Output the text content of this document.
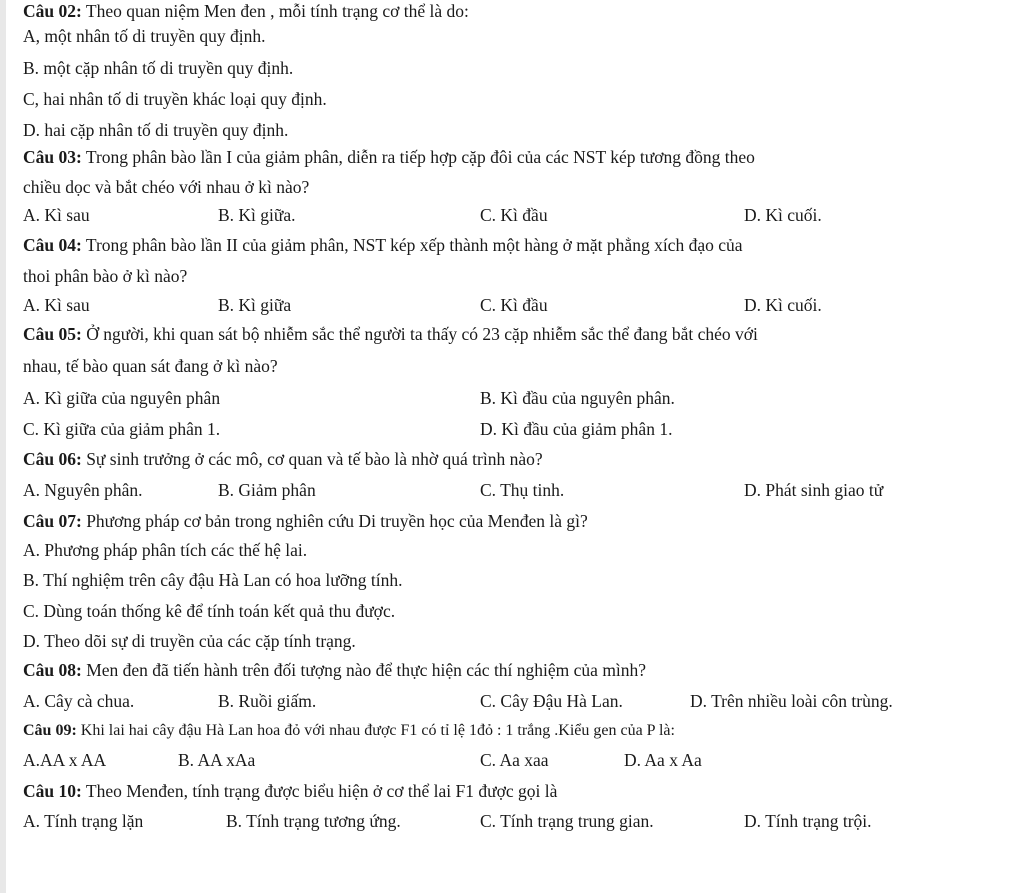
Câu 02: Theo quan niệm Men đen , mỗi tính trạng cơ thể là do:
A, một nhân tố di truyền quy định.
B. một cặp nhân tố di truyền quy định.
C, hai nhân tố di truyền khác loại quy định.
D. hai cặp nhân tố di truyền quy định.
Câu 03: Trong phân bào lần I của giảm phân, diễn ra tiếp hợp cặp đôi của các NST kép tương đồng theo
chiều dọc và bắt chéo với nhau ở kì nào?
A. Kì sau	B. Kì giữa.	C. Kì đầu	D. Kì cuối.
Câu 04: Trong phân bào lần II của giảm phân, NST kép xếp thành một hàng ở mặt phẳng xích đạo của
thoi phân bào ở kì nào?
A. Kì sau	B. Kì giữa	C. Kì đầu	D. Kì cuối.
Câu 05: Ở người, khi quan sát bộ nhiễm sắc thể người ta thấy có 23 cặp nhiễm sắc thể đang bắt chéo với
nhau, tế bào quan sát đang ở kì nào?
A. Kì giữa của nguyên phân	B. Kì đầu của nguyên phân.
C. Kì giữa của giảm phân 1.	D. Kì đầu của giảm phân 1.
Câu 06: Sự sinh trưởng ở các mô, cơ quan và tế bào là nhờ quá trình nào?
A. Nguyên phân.	B. Giảm phân	C. Thụ tinh.	D. Phát sinh giao tử
Câu 07: Phương pháp cơ bản trong nghiên cứu Di truyền học của Menđen là gì?
A. Phương pháp phân tích các thế hệ lai.
B. Thí nghiệm trên cây đậu Hà Lan có hoa lưỡng tính.
C. Dùng toán thống kê để tính toán kết quả thu được.
D. Theo dõi sự di truyền của các cặp tính trạng.
Câu 08: Men đen đã tiến hành trên đối tượng nào để thực hiện các thí nghiệm của mình?
A. Cây cà chua.	B. Ruồi giấm.	C. Cây Đậu Hà Lan.	D. Trên nhiều loài côn trùng.
Câu 09: Khi lai hai cây đậu Hà Lan hoa đỏ với nhau được F1 có tỉ lệ 1đỏ : 1 trắng .Kiểu gen của P là:
A.AA x AA	B. AA xAa	C. Aa xaa	D. Aa x Aa
Câu 10: Theo Menđen, tính trạng được biểu hiện ở cơ thể lai F1 được gọi là
A. Tính trạng lặn	B. Tính trạng tương ứng.	C. Tính trạng trung gian.	D. Tính trạng trội.
